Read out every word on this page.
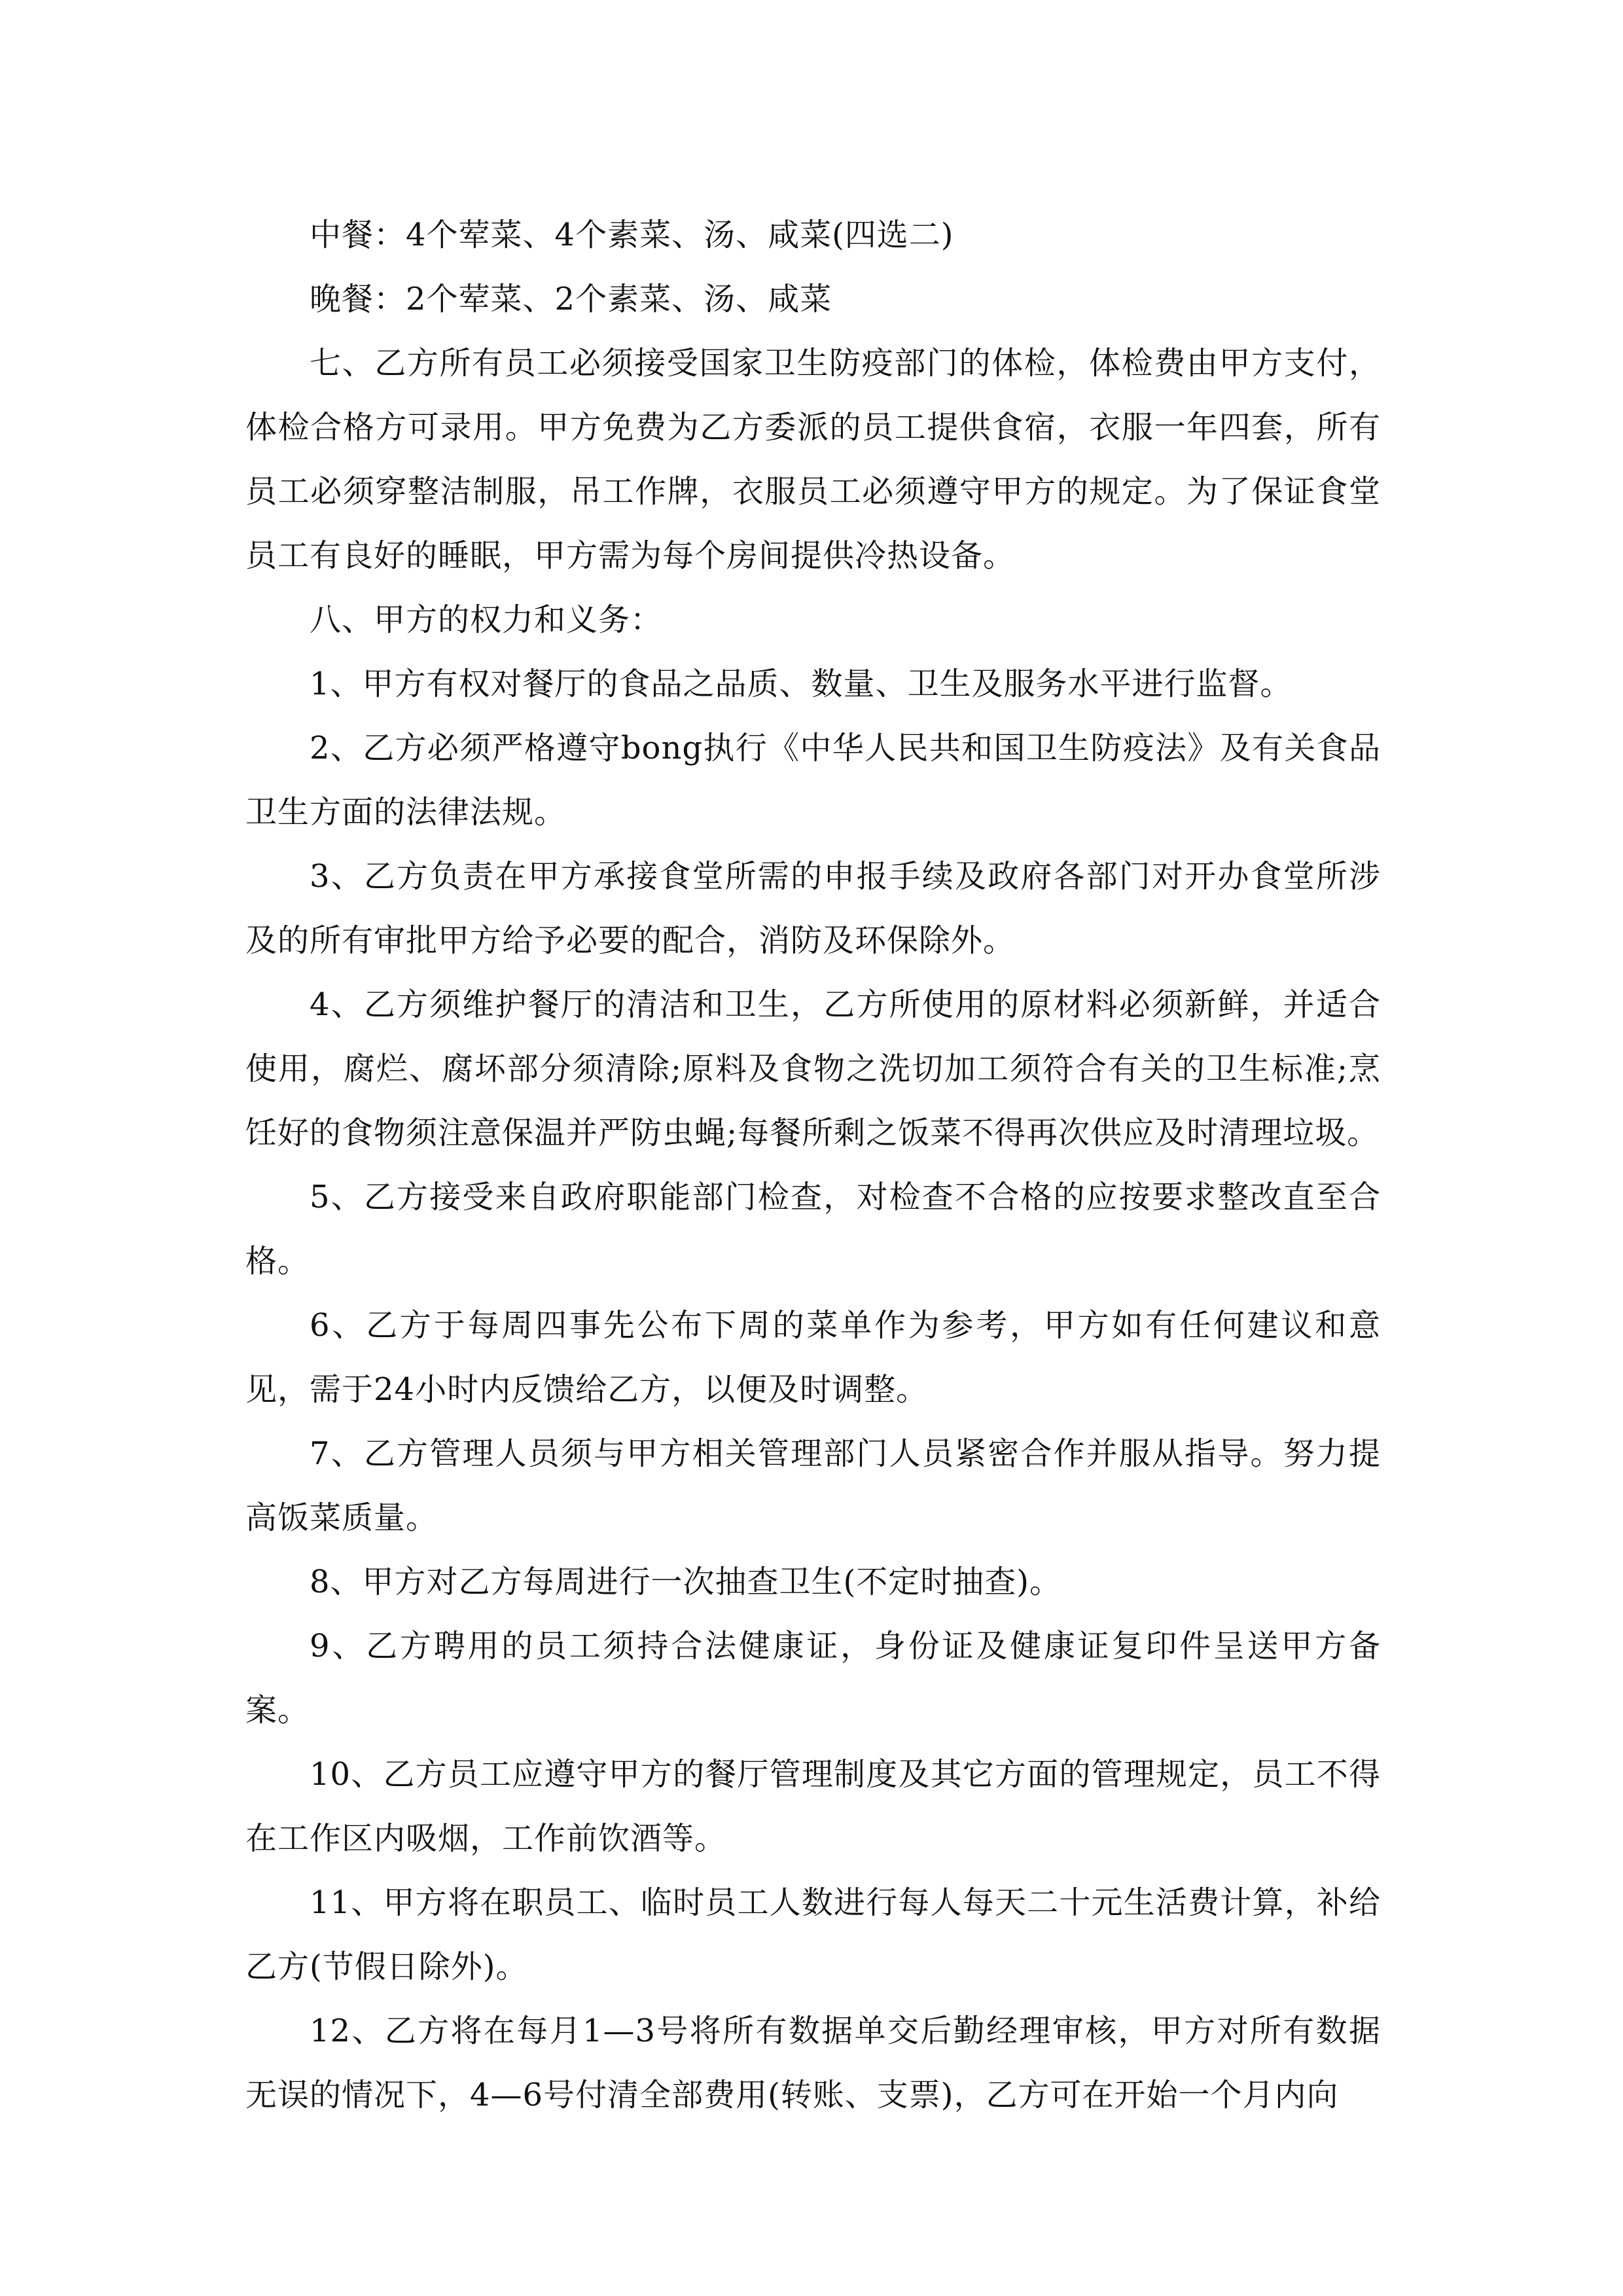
中餐：4个荤菜、4个素菜、汤、咸菜(四选二)

晚餐：2个荤菜、2个素菜、汤、咸菜

七、乙方所有员工必须接受国家卫生防疫部门的体检，体检费由甲方支付，体检合格方可录用。甲方免费为乙方委派的员工提供食宿，衣服一年四套，所有员工必须穿整洁制服，吊工作牌，衣服员工必须遵守甲方的规定。为了保证食堂员工有良好的睡眠，甲方需为每个房间提供冷热设备。

八、甲方的权力和义务：

1、甲方有权对餐厅的食品之品质、数量、卫生及服务水平进行监督。

2、乙方必须严格遵守bong执行《中华人民共和国卫生防疫法》及有关食品卫生方面的法律法规。

3、乙方负责在甲方承接食堂所需的申报手续及政府各部门对开办食堂所涉及的所有审批甲方给予必要的配合，消防及环保除外。

4、乙方须维护餐厅的清洁和卫生，乙方所使用的原材料必须新鲜，并适合使用，腐烂、腐坏部分须清除;原料及食物之洗切加工须符合有关的卫生标准;烹饪好的食物须注意保温并严防虫蝇;每餐所剩之饭菜不得再次供应及时清理垃圾。

5、乙方接受来自政府职能部门检查，对检查不合格的应按要求整改直至合格。

6、乙方于每周四事先公布下周的菜单作为参考，甲方如有任何建议和意见，需于24小时内反馈给乙方，以便及时调整。

7、乙方管理人员须与甲方相关管理部门人员紧密合作并服从指导。努力提高饭菜质量。

8、甲方对乙方每周进行一次抽查卫生(不定时抽查)。

9、乙方聘用的员工须持合法健康证，身份证及健康证复印件呈送甲方备案。

10、乙方员工应遵守甲方的餐厅管理制度及其它方面的管理规定，员工不得在工作区内吸烟，工作前饮酒等。

11、甲方将在职员工、临时员工人数进行每人每天二十元生活费计算，补给乙方(节假日除外)。

12、乙方将在每月1—3号将所有数据单交后勤经理审核，甲方对所有数据无误的情况下，4—6号付清全部费用(转账、支票)，乙方可在开始一个月内向
